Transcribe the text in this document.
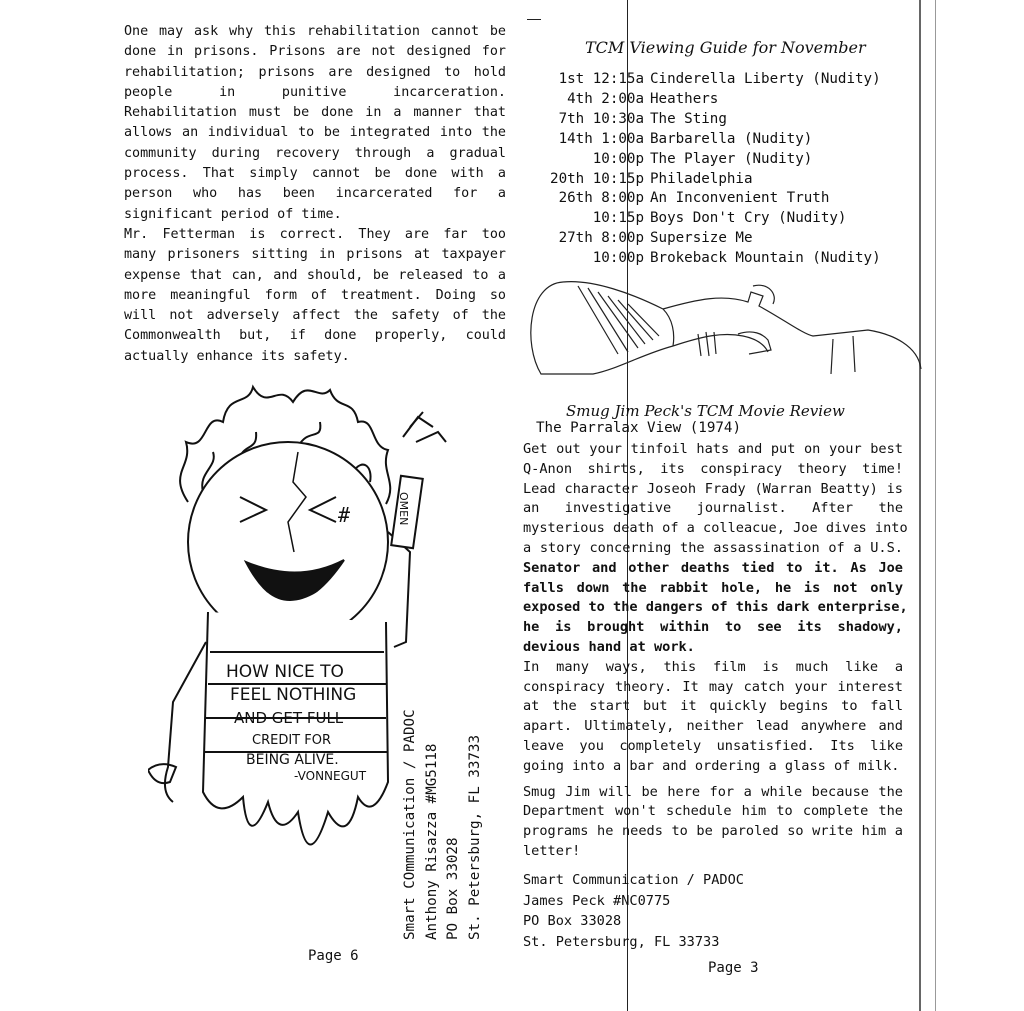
One may ask why this rehabilitation cannot be
done in prisons. Prisons are not designed for
rehabilitation; prisons are designed to hold
people in punitive incarceration.
Rehabilitation must be done in a manner that
allows an individual to be integrated into the
community during recovery through a gradual
process. That simply cannot be done with a
person who has been incarcerated for a
significant period of time.
Mr. Fetterman is correct. They are far too
many prisoners sitting in prisons at taxpayer
expense that can, and should, be released to a
more meaningful form of treatment. Doing so
will not adversely affect the safety of the
Commonwealth but, if done properly, could
actually enhance its safety.
#	OMEN
HOW NICE TO
FEEL NOTHING
AND GET FULL
CREDIT FOR
BEING ALIVE.
-VONNEGUT	Smart COmmunication / PADOC Anthony Risazza #MG5118 PO Box 33028 St. Petersburg, FL 33733
Page 6
TCM Viewing Guide for November
1st 12:15a Cinderella Liberty (Nudity)
4th 2:00a Heathers
7th 10:30a The Sting
14th 1:00a Barbarella (Nudity)
10:00p The Player (Nudity)
20th 10:15p Philadelphia
26th 8:00p An Inconvenient Truth
10:15p Boys Don't Cry (Nudity)
27th 8:00p Supersize Me
10:00p Brokeback Mountain (Nudity)
Smug Jim Peck's TCM Movie Review
The Parralax View (1974)
Get out your tinfoil hats and put on your best
Q-Anon shirts, its conspiracy theory time!
Lead character Joseoh Frady (Warran Beatty) is
an investigative journalist. After the
mysterious death of a colleacue, Joe dives into
a story concerning the assassination of a U.S.
Senator and other deaths tied to it. As Joe
falls down the rabbit hole, he is not only
exposed to the dangers of this dark enterprise,
he is brought within to see its shadowy,
devious hand at work.
In many ways, this film is much like a
conspiracy theory. It may catch your interest
at the start but it quickly begins to fall
apart. Ultimately, neither lead anywhere and
leave you completely unsatisfied. Its like
going into a bar and ordering a glass of milk.
Smug Jim will be here for a while because the
Department won't schedule him to complete the
programs he needs to be paroled so write him a
letter!
Smart Communication / PADOC
James Peck #NC0775
PO Box 33028
St. Petersburg, FL 33733
Page 3
